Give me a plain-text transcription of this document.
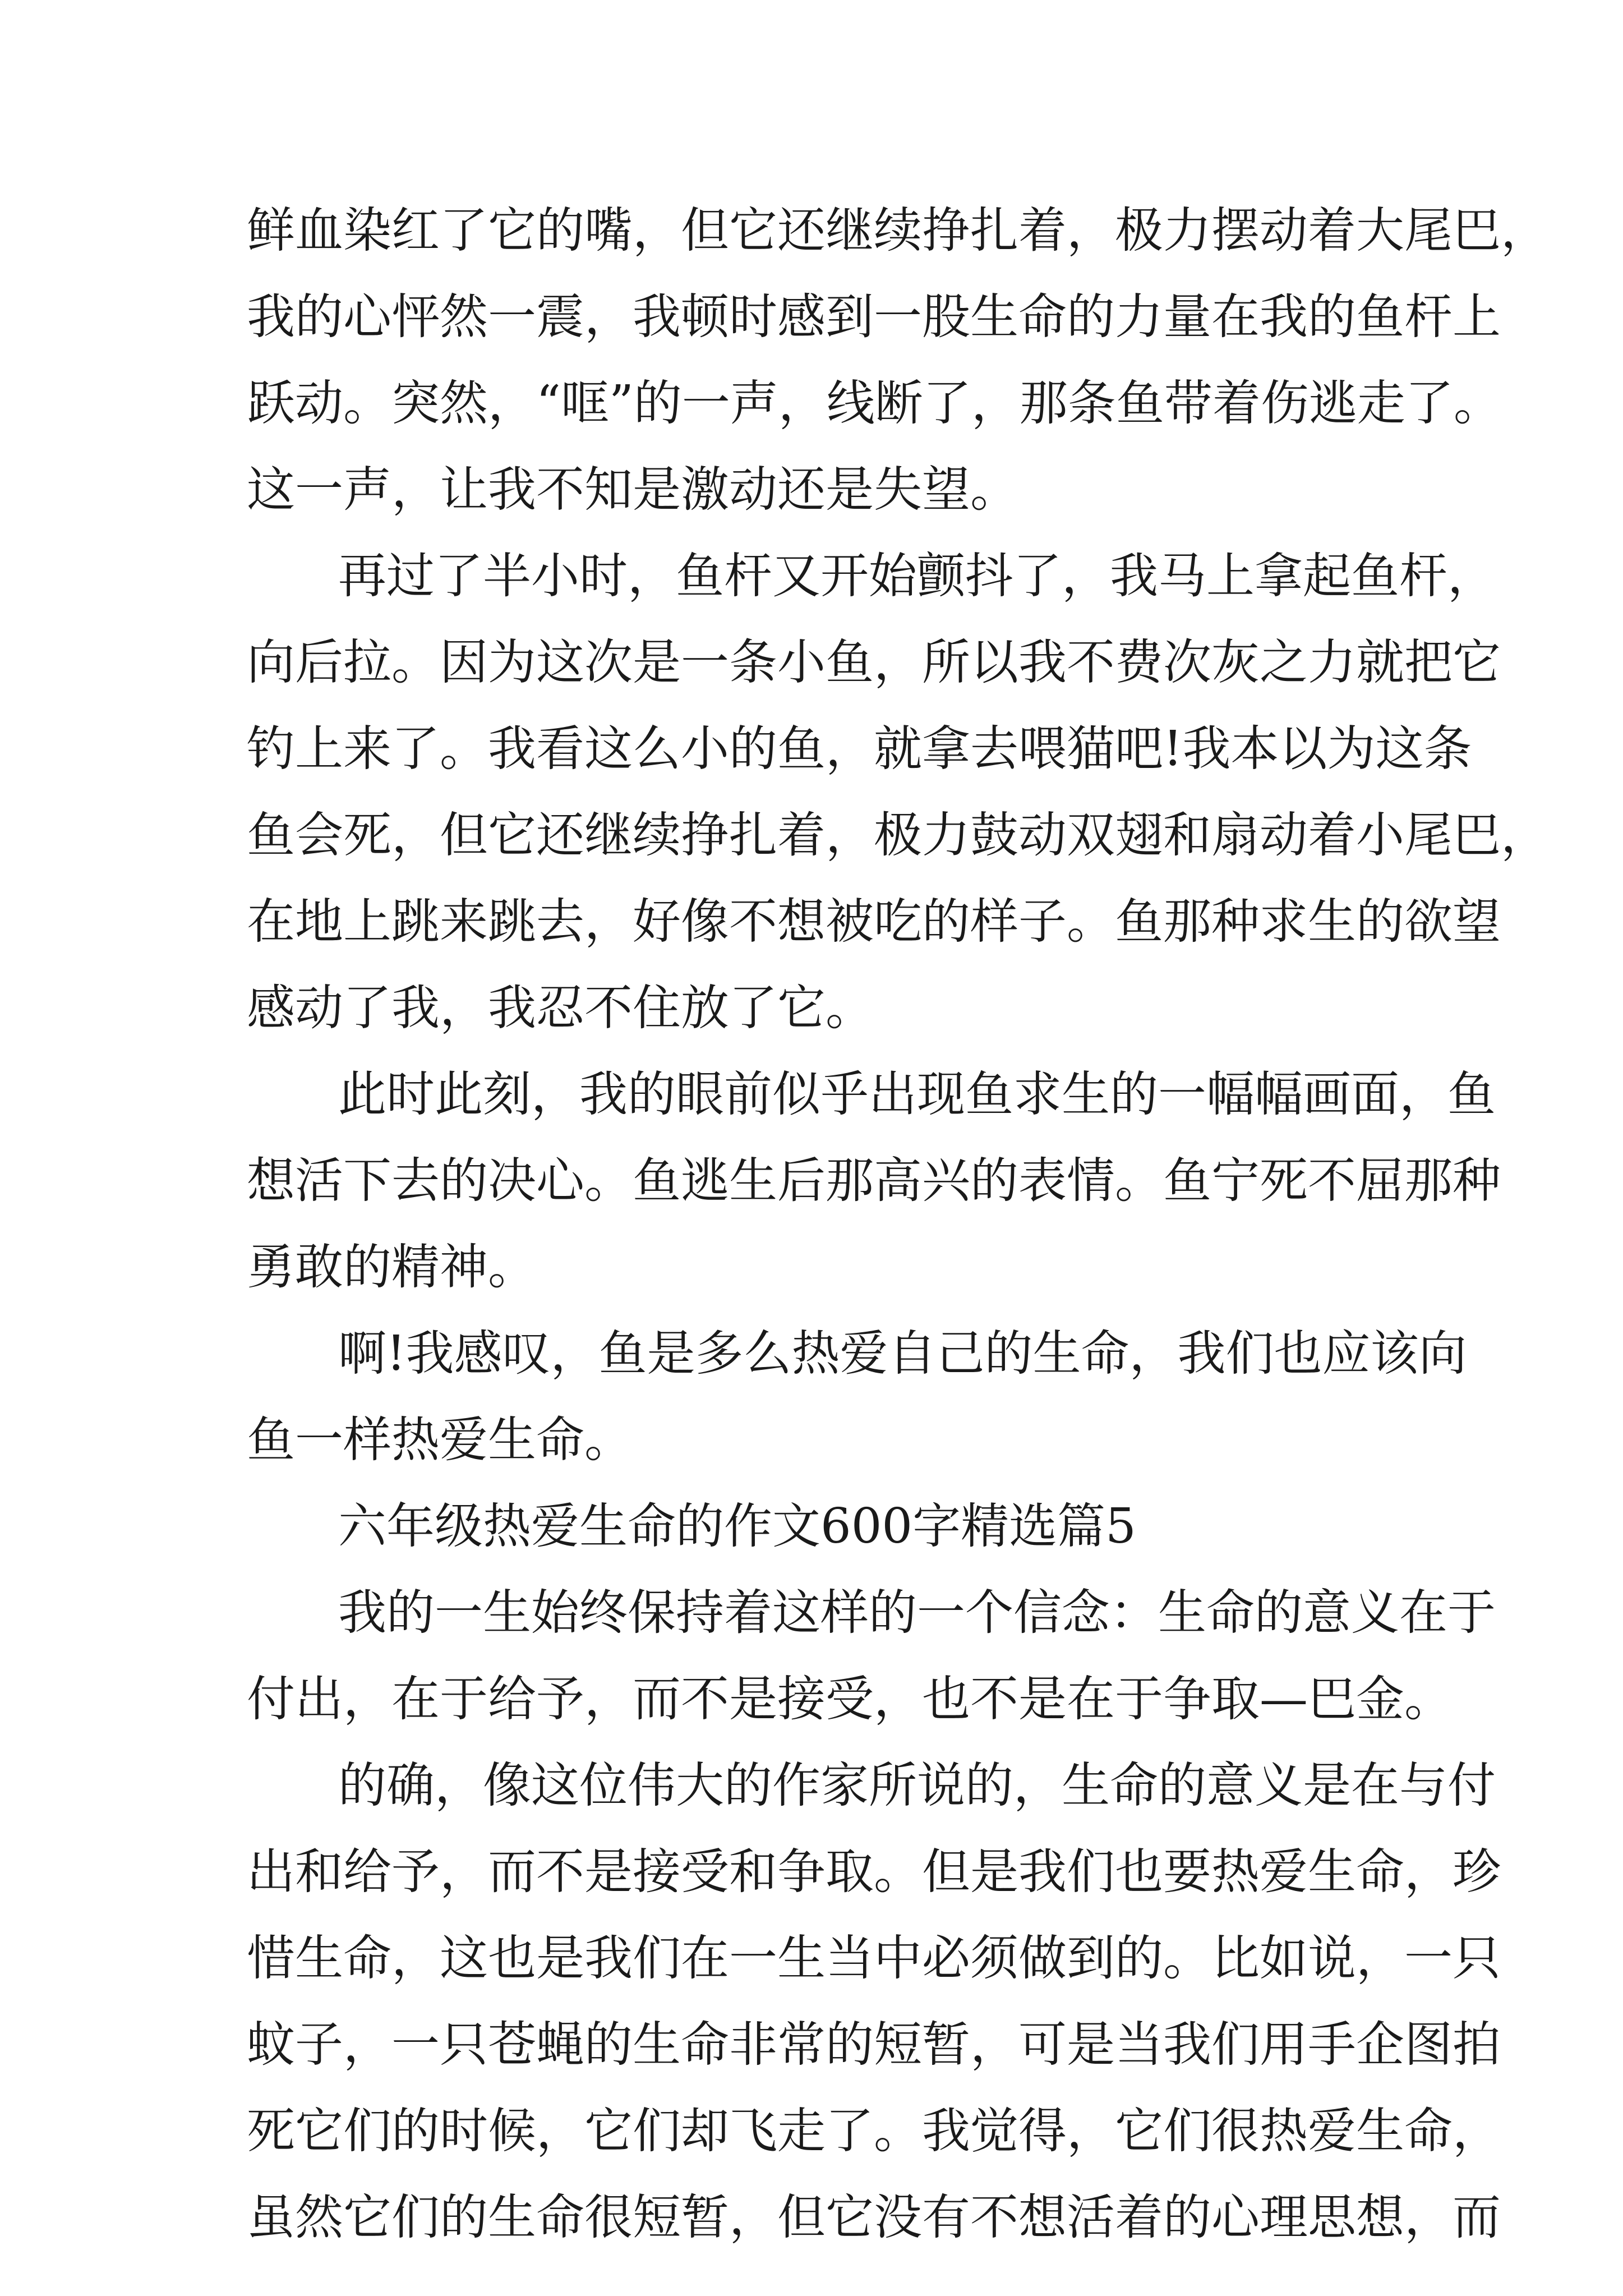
鲜血染红了它的嘴，但它还继续挣扎着，极力摆动着大尾巴，
我的心怦然一震，我顿时感到一股生命的力量在我的鱼杆上
跃动。突然，“哐”的一声，线断了，那条鱼带着伤逃走了。
这一声，让我不知是激动还是失望。
再过了半小时，鱼杆又开始颤抖了，我马上拿起鱼杆，
向后拉。因为这次是一条小鱼，所以我不费次灰之力就把它
钓上来了。我看这么小的鱼，就拿去喂猫吧!我本以为这条
鱼会死，但它还继续挣扎着，极力鼓动双翅和扇动着小尾巴，
在地上跳来跳去，好像不想被吃的样子。鱼那种求生的欲望
感动了我，我忍不住放了它。
此时此刻，我的眼前似乎出现鱼求生的一幅幅画面，鱼
想活下去的决心。鱼逃生后那高兴的表情。鱼宁死不屈那种
勇敢的精神。
啊!我感叹，鱼是多么热爱自己的生命，我们也应该向
鱼一样热爱生命。
六年级热爱生命的作文600字精选篇5
我的一生始终保持着这样的一个信念：生命的意义在于
付出，在于给予，而不是接受，也不是在于争取—巴金。
的确，像这位伟大的作家所说的，生命的意义是在与付
出和给予，而不是接受和争取。但是我们也要热爱生命，珍
惜生命，这也是我们在一生当中必须做到的。比如说，一只
蚊子，一只苍蝇的生命非常的短暂，可是当我们用手企图拍
死它们的时候，它们却飞走了。我觉得，它们很热爱生命，
虽然它们的生命很短暂，但它没有不想活着的心理思想，而
